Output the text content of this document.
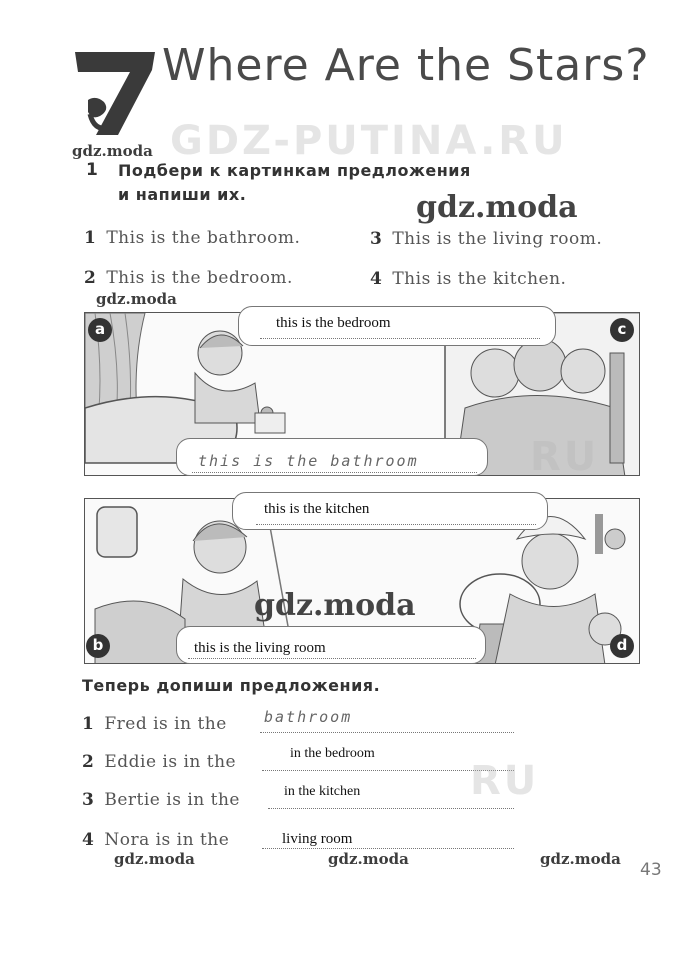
Where Are the Stars?
gdz.moda GDZ-PUTINA.RU
1 Подбери к картинкам предложения
и напиши их.	gdz.moda
1 This is the bathroom.	3 This is the living room.
2 This is the bedroom.	4 This is the kitchen.
gdz.moda
a	c
this is the bedroom
this is the bathroom	RU
b	d
this is the kitchen
gdz.moda
this is the living room
Теперь допиши предложения.
1 Fred is in the bathroom
2 Eddie is in the	in the bedroom
3 Bertie is in the	in the kitchen	RU
4 Nora is in the	living room
gdz.moda	gdz.moda	gdz.moda
43
